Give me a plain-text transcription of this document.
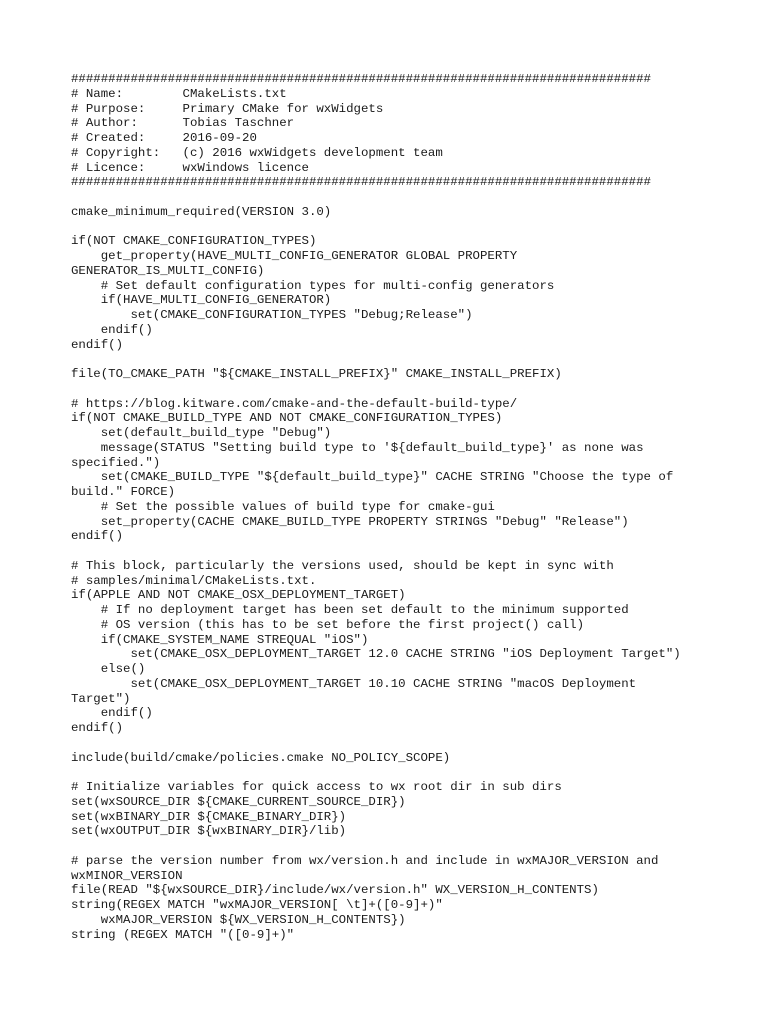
##############################################################################
# Name:        CMakeLists.txt
# Purpose:     Primary CMake for wxWidgets
# Author:      Tobias Taschner
# Created:     2016-09-20
# Copyright:   (c) 2016 wxWidgets development team
# Licence:     wxWindows licence
##############################################################################
cmake_minimum_required(VERSION 3.0)
if(NOT CMAKE_CONFIGURATION_TYPES)
get_property(HAVE_MULTI_CONFIG_GENERATOR GLOBAL PROPERTY
GENERATOR_IS_MULTI_CONFIG)
# Set default configuration types for multi-config generators
if(HAVE_MULTI_CONFIG_GENERATOR)
set(CMAKE_CONFIGURATION_TYPES "Debug;Release")
endif()
endif()
file(TO_CMAKE_PATH "${CMAKE_INSTALL_PREFIX}" CMAKE_INSTALL_PREFIX)
# https://blog.kitware.com/cmake-and-the-default-build-type/
if(NOT CMAKE_BUILD_TYPE AND NOT CMAKE_CONFIGURATION_TYPES)
set(default_build_type "Debug")
message(STATUS "Setting build type to '${default_build_type}' as none was
specified.")
set(CMAKE_BUILD_TYPE "${default_build_type}" CACHE STRING "Choose the type of
build." FORCE)
# Set the possible values of build type for cmake-gui
set_property(CACHE CMAKE_BUILD_TYPE PROPERTY STRINGS "Debug" "Release")
endif()
# This block, particularly the versions used, should be kept in sync with
# samples/minimal/CMakeLists.txt.
if(APPLE AND NOT CMAKE_OSX_DEPLOYMENT_TARGET)
# If no deployment target has been set default to the minimum supported
# OS version (this has to be set before the first project() call)
if(CMAKE_SYSTEM_NAME STREQUAL "iOS")
set(CMAKE_OSX_DEPLOYMENT_TARGET 12.0 CACHE STRING "iOS Deployment Target")
else()
set(CMAKE_OSX_DEPLOYMENT_TARGET 10.10 CACHE STRING "macOS Deployment
Target")
endif()
endif()
include(build/cmake/policies.cmake NO_POLICY_SCOPE)
# Initialize variables for quick access to wx root dir in sub dirs
set(wxSOURCE_DIR ${CMAKE_CURRENT_SOURCE_DIR})
set(wxBINARY_DIR ${CMAKE_BINARY_DIR})
set(wxOUTPUT_DIR ${wxBINARY_DIR}/lib)
# parse the version number from wx/version.h and include in wxMAJOR_VERSION and
wxMINOR_VERSION
file(READ "${wxSOURCE_DIR}/include/wx/version.h" WX_VERSION_H_CONTENTS)
string(REGEX MATCH "wxMAJOR_VERSION[ \t]+([0-9]+)"
wxMAJOR_VERSION ${WX_VERSION_H_CONTENTS})
string (REGEX MATCH "([0-9]+)"
